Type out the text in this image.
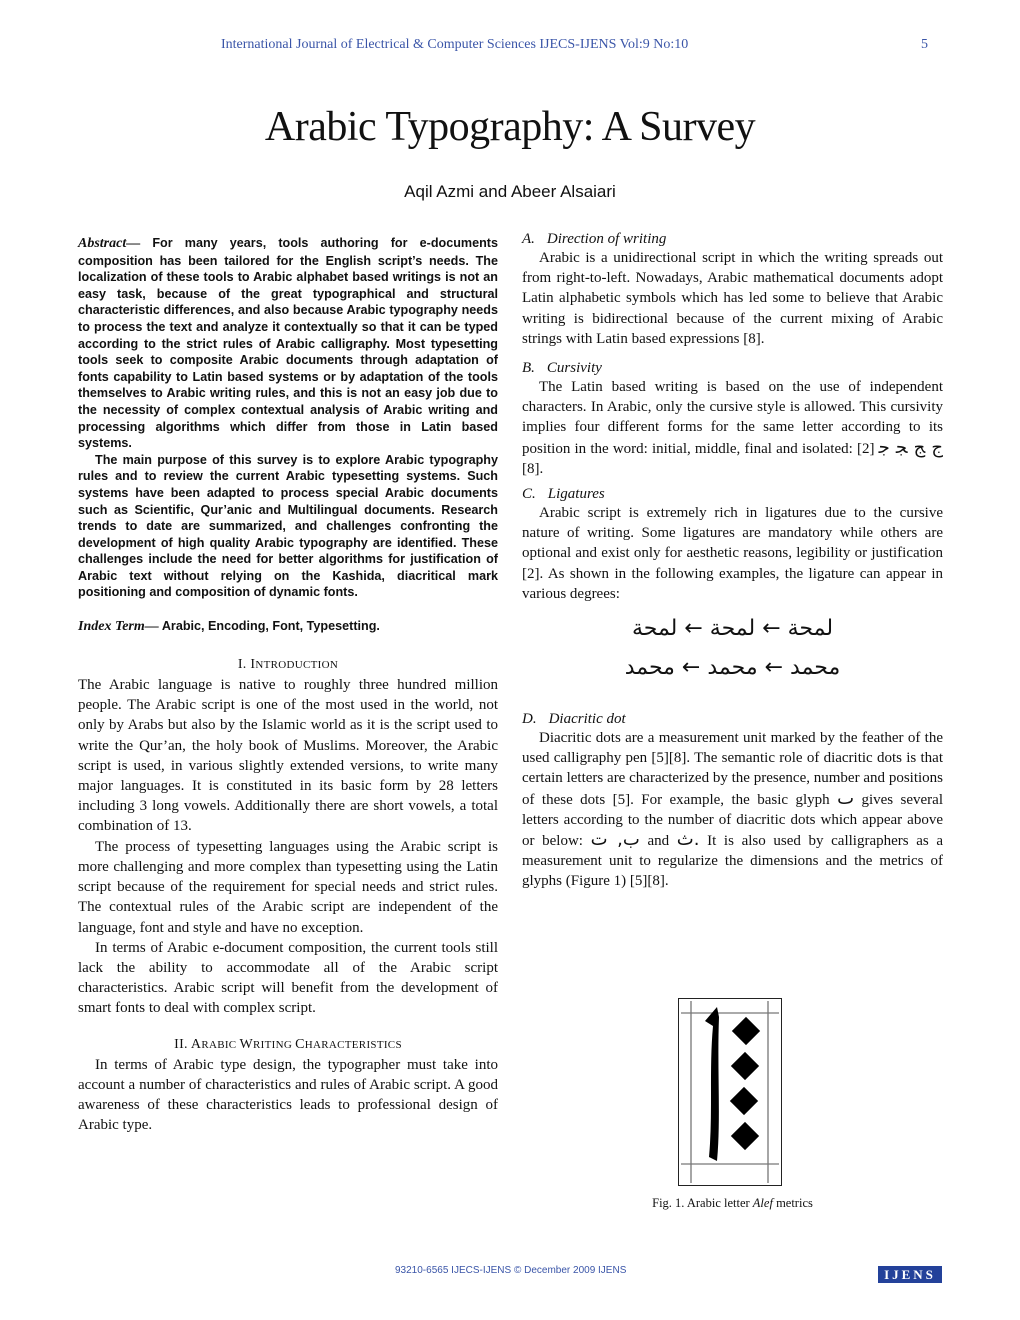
International Journal of Electrical & Computer Sciences IJECS-IJENS Vol:9 No:10	5
Arabic Typography: A Survey
Aqil Azmi and Abeer Alsaiari

Abstract— For many years, tools authoring for e-documents composition has been tailored for the English script’s needs. The localization of these tools to Arabic alphabet based writings is not an easy task, because of the great typographical and structural characteristic differences, and also because Arabic typography needs to process the text and analyze it contextually so that it can be typed according to the strict rules of Arabic calligraphy. Most typesetting tools seek to composite Arabic documents through adaptation of fonts capability to Latin based systems or by adaptation of the tools themselves to Arabic writing rules, and this is not an easy job due to the necessity of complex contextual analysis of Arabic writing and processing algorithms which differ from those in Latin based systems.

The main purpose of this survey is to explore Arabic typography rules and to review the current Arabic typesetting systems. Such systems have been adapted to process special Arabic documents such as Scientific, Qur’anic and Multilingual documents. Research trends to date are summarized, and challenges confronting the development of high quality Arabic typography are identified. These challenges include the need for better algorithms for justification of Arabic text without relying on the Kashida, diacritical mark positioning and composition of dynamic fonts.

Index Term— Arabic, Encoding, Font, Typesetting.
I. INTRODUCTION

The Arabic language is native to roughly three hundred million people. The Arabic script is one of the most used in the world, not only by Arabs but also by the Islamic world as it is the script used to write the Qur’an, the holy book of Muslims. Moreover, the Arabic script is used, in various slightly extended versions, to write many major languages. It is constituted in its basic form by 28 letters including 3 long vowels. Additionally there are short vowels, a total combination of 13.

The process of typesetting languages using the Arabic script is more challenging and more complex than typesetting using the Latin script because of the requirement for special needs and strict rules. The contextual rules of the Arabic script are independent of the language, font and style and have no exception.

In terms of Arabic e-document composition, the current tools still lack the ability to accommodate all of the Arabic script characteristics. Arabic script will benefit from the development of smart fonts to deal with complex script.

II. ARABIC WRITING CHARACTERISTICS

In terms of Arabic type design, the typographer must take into account a number of characteristics and rules of Arabic script. A good awareness of these characteristics leads to professional design of Arabic type.

A. Direction of writing

Arabic is a unidirectional script in which the writing spreads out from right-to-left. Nowadays, Arabic mathematical documents adopt Latin alphabetic symbols which has led some to believe that Arabic writing is bidirectional because of the current mixing of Arabic strings with Latin based expressions [8].

B. Cursivity

The Latin based writing is based on the use of independent characters. In Arabic, only the cursive style is allowed. This cursivity implies four different forms for the same letter according to its position in the word: initial, middle, final and isolated: ج ﺞ ﺠ ﺟ [2][8].

C. Ligatures

Arabic script is extremely rich in ligatures due to the cursive nature of writing. Some ligatures are mandatory while others are optional and exist only for aesthetic reasons, legibility or justification [2]. As shown in the following examples, the ligature can appear in various degrees:

لمحة ← لمحة ← لمحة
محمد ← محمد ← محمد
D. Diacritic dot

Diacritic dots are a measurement unit marked by the feather of the used calligraphy pen [5][8]. The semantic role of diacritic dots is that certain letters are characterized by the presence, number and positions of these dots [5]. For example, the basic glyph ٮ gives several letters according to the number of diacritic dots which appear above or below: ب, ت and ث. It is also used by calligraphers as a measurement unit to regularize the dimensions and the metrics of glyphs (Figure 1) [5][8].

Fig. 1. Arabic letter Alef metrics
93210-6565 IJECS-IJENS © December 2009 IJENS	IJENS
